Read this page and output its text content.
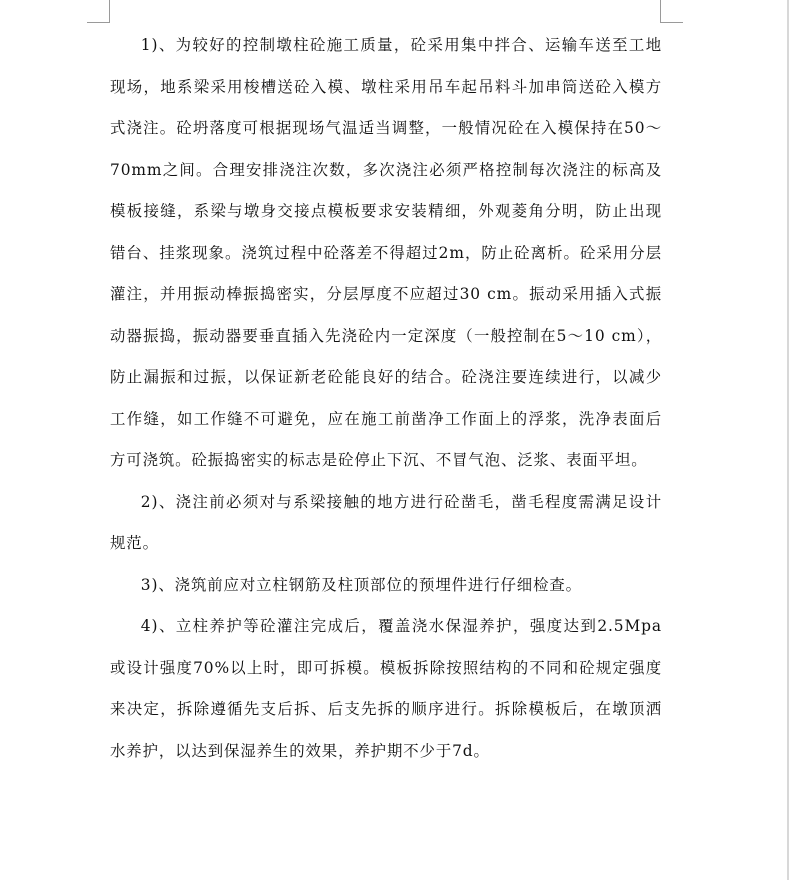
1)、为较好的控制墩柱砼施工质量，砼采用集中拌合、运输车送至工地现场，地系梁采用梭槽送砼入模、墩柱采用吊车起吊料斗加串筒送砼入模方式浇注。砼坍落度可根据现场气温适当调整，一般情况砼在入模保持在50～70mm之间。合理安排浇注次数，多次浇注必须严格控制每次浇注的标高及模板接缝，系梁与墩身交接点模板要求安装精细，外观菱角分明，防止出现错台、挂浆现象。浇筑过程中砼落差不得超过2m，防止砼离析。砼采用分层灌注，并用振动棒振捣密实，分层厚度不应超过30 cm。振动采用插入式振动器振捣，振动器要垂直插入先浇砼内一定深度（一般控制在5～10 cm），防止漏振和过振，以保证新老砼能良好的结合。砼浇注要连续进行，以减少工作缝，如工作缝不可避免，应在施工前凿净工作面上的浮浆，洗净表面后方可浇筑。砼振捣密实的标志是砼停止下沉、不冒气泡、泛浆、表面平坦。

2)、浇注前必须对与系梁接触的地方进行砼凿毛，凿毛程度需满足设计规范。

3)、浇筑前应对立柱钢筋及柱顶部位的预埋件进行仔细检查。

4)、立柱养护等砼灌注完成后，覆盖浇水保湿养护，强度达到2.5Mpa或设计强度70%以上时，即可拆模。模板拆除按照结构的不同和砼规定强度来决定，拆除遵循先支后拆、后支先拆的顺序进行。拆除模板后，在墩顶洒水养护，以达到保湿养生的效果，养护期不少于7d。
